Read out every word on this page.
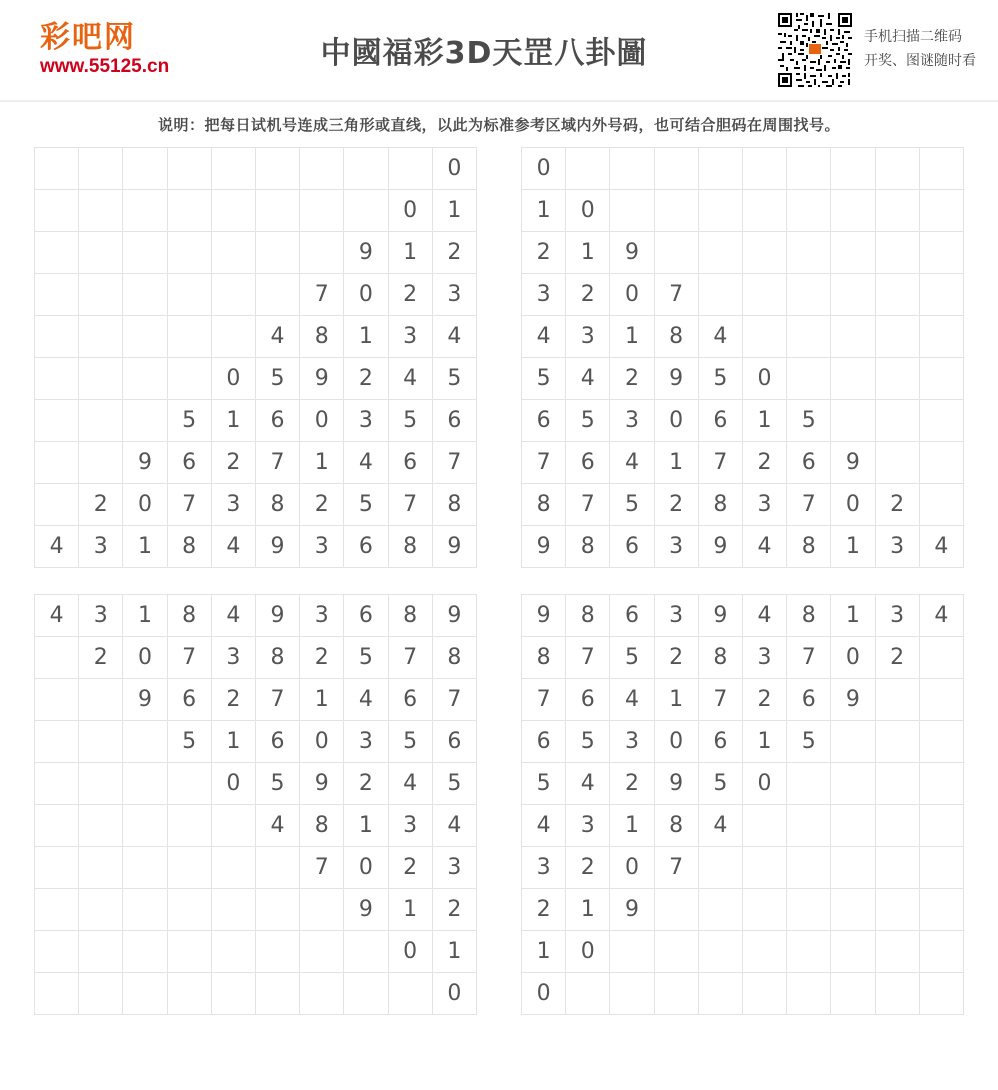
彩吧网
www.55125.cn	中國福彩3D天罡八卦圖	手机扫描二维码
开奖、图谜随时看
说明：把每日试机号连成三角形或直线，以此为标准参考区域内外号码，也可结合胆码在周围找号。
									0
								0	1
							9	1	2
						7	0	2	3
					4	8	1	3	4
				0	5	9	2	4	5
			5	1	6	0	3	5	6
		9	6	2	7	1	4	6	7
	2	0	7	3	8	2	5	7	8
4	3	1	8	4	9	3	6	8	9
0									
1	0								
2	1	9							
3	2	0	7						
4	3	1	8	4					
5	4	2	9	5	0				
6	5	3	0	6	1	5			
7	6	4	1	7	2	6	9		
8	7	5	2	8	3	7	0	2	
9	8	6	3	9	4	8	1	3	4
4	3	1	8	4	9	3	6	8	9
	2	0	7	3	8	2	5	7	8
		9	6	2	7	1	4	6	7
			5	1	6	0	3	5	6
				0	5	9	2	4	5
					4	8	1	3	4
						7	0	2	3
							9	1	2
								0	1
									0
9	8	6	3	9	4	8	1	3	4
8	7	5	2	8	3	7	0	2	
7	6	4	1	7	2	6	9		
6	5	3	0	6	1	5			
5	4	2	9	5	0				
4	3	1	8	4					
3	2	0	7						
2	1	9							
1	0								
0									
